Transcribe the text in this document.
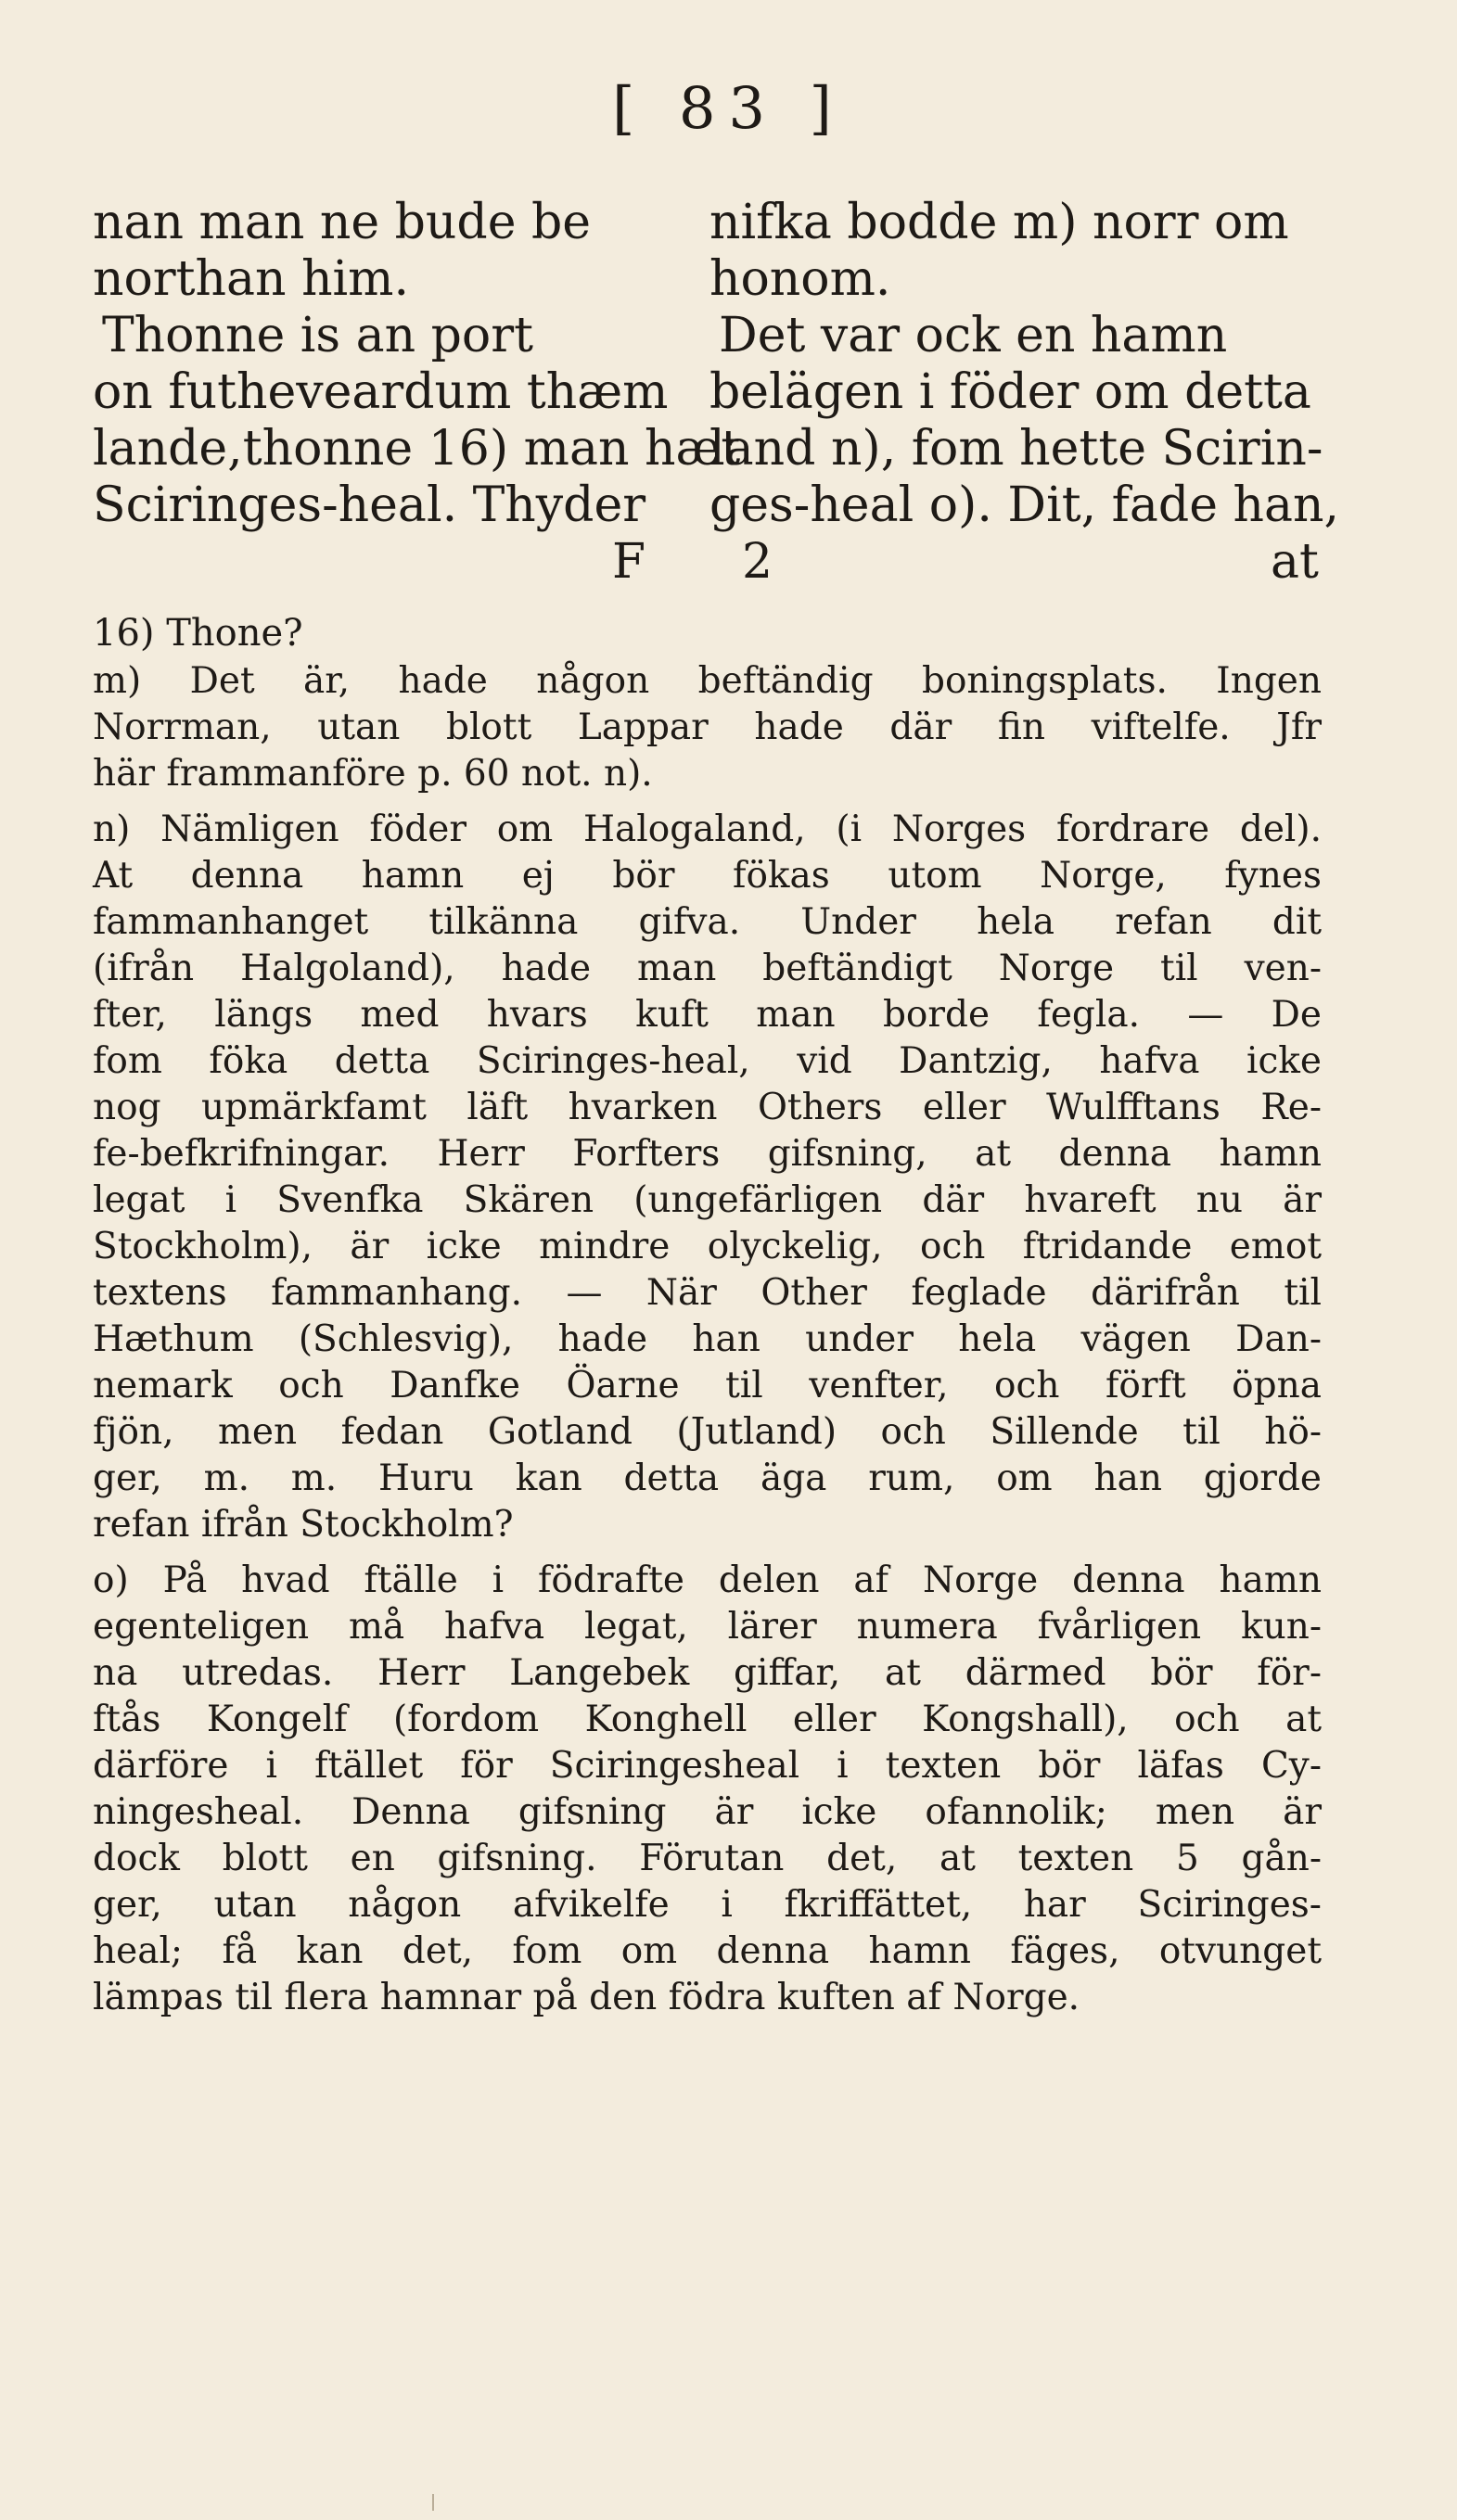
[ 83 ]
nan man ne bude be
northan him.
Thonne is an port
on futheveardum thæm
lande,thonne 16) man hæt
Sciringes-heal. Thyder
nifka bodde m) norr om
honom.
Det var ock en hamn
belägen i föder om detta
land n), fom hette Scirin-
ges-heal o). Dit, fade han,
F 2	at
16) Thone?

m) Det är, hade någon beftändig boningsplats. Ingen
Norrman, utan blott Lappar hade där fin viftelfe. Jfr
här frammanföre p. 60 not. n).

n) Nämligen föder om Halogaland, (i Norges fordrare del).
At denna hamn ej bör fökas utom Norge, fynes
fammanhanget tilkänna gifva. Under hela refan dit
(ifrån Halgoland), hade man beftändigt Norge til ven-
fter, längs med hvars kuft man borde fegla. — De
fom föka detta Sciringes-heal, vid Dantzig, hafva icke
nog upmärkfamt läft hvarken Others eller Wulfftans Re-
fe-befkrifningar. Herr Forfters gifsning, at denna hamn
legat i Svenfka Skären (ungefärligen där hvareft nu är
Stockholm), är icke mindre olyckelig, och ftridande emot
textens fammanhang. — När Other feglade därifrån til
Hæthum (Schlesvig), hade han under hela vägen Dan-
nemark och Danfke Öarne til venfter, och förft öpna
fjön, men fedan Gotland (Jutland) och Sillende til hö-
ger, m. m. Huru kan detta äga rum, om han gjorde
refan ifrån Stockholm?

o) På hvad ftälle i födrafte delen af Norge denna hamn
egenteligen må hafva legat, lärer numera fvårligen kun-
na utredas. Herr Langebek giffar, at därmed bör för-
ftås Kongelf (fordom Konghell eller Kongshall), och at
därföre i ftället för Sciringesheal i texten bör läfas Cy-
ningesheal. Denna gifsning är icke ofannolik; men är
dock blott en gifsning. Förutan det, at texten 5 gån-
ger, utan någon afvikelfe i fkriffättet, har Sciringes-
heal; få kan det, fom om denna hamn fäges, otvunget
lämpas til flera hamnar på den födra kuften af Norge.
